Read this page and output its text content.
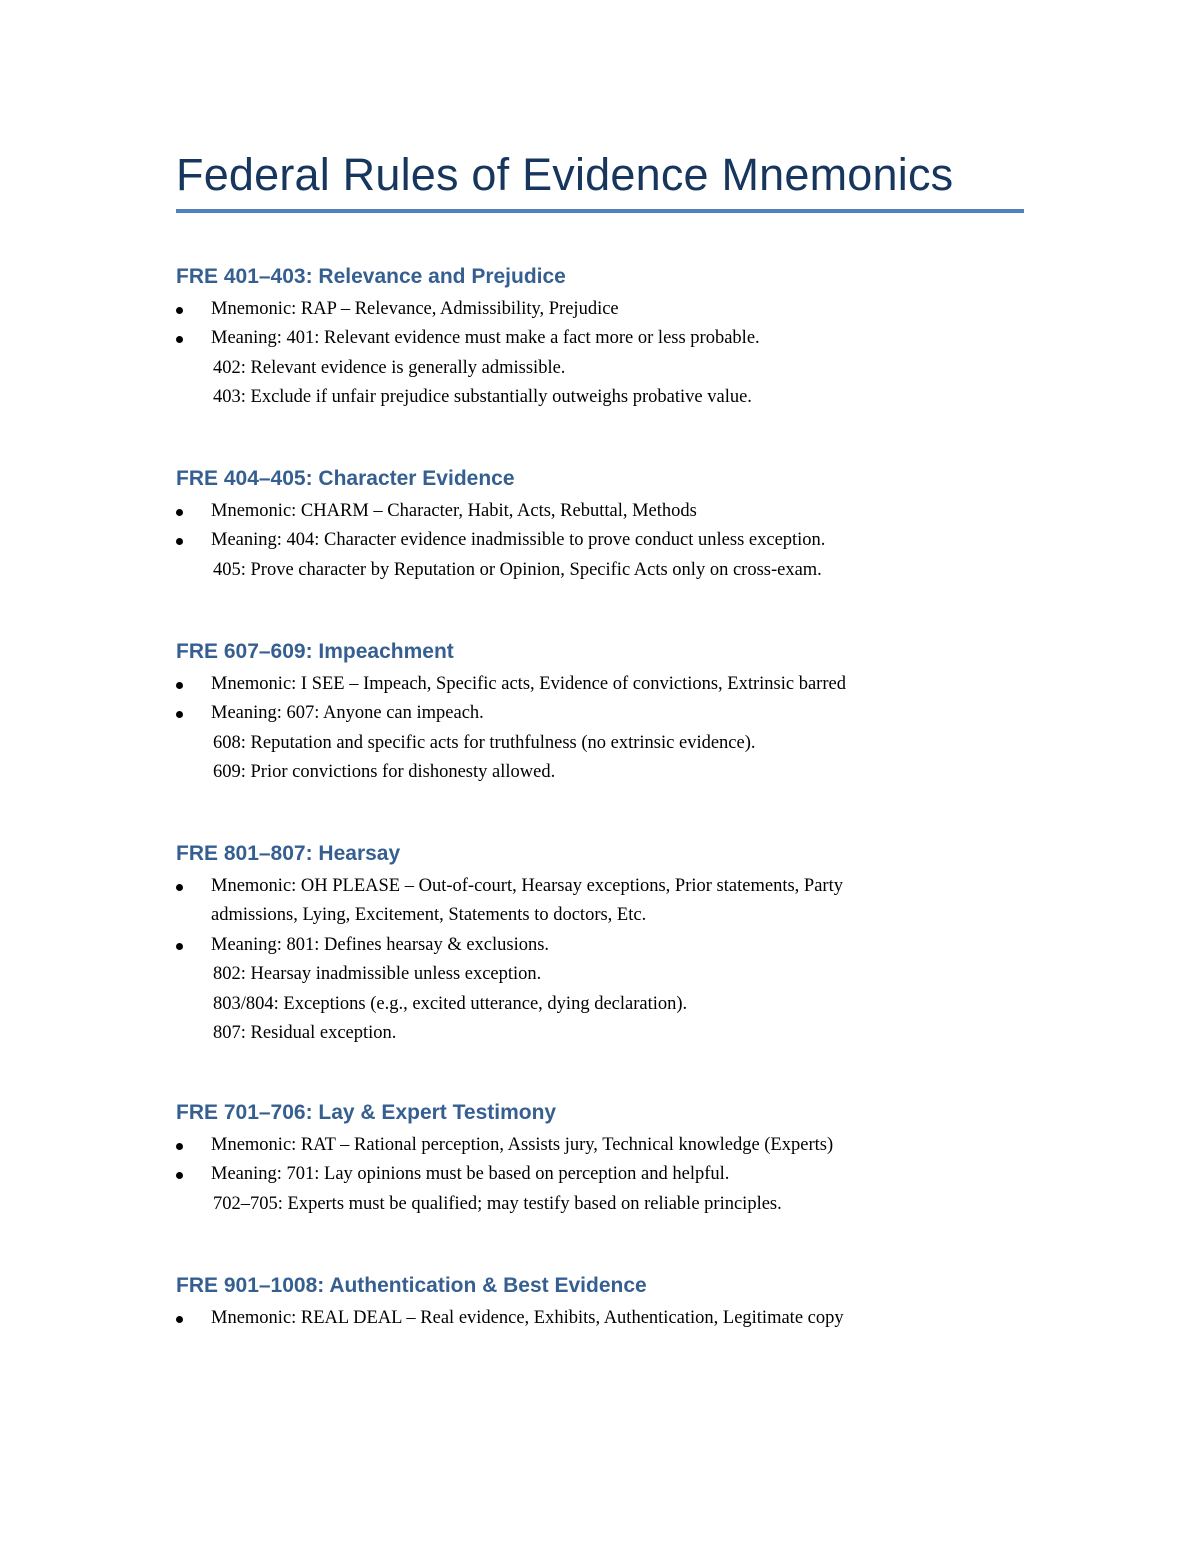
Federal Rules of Evidence Mnemonics
FRE 401–403: Relevance and Prejudice
Mnemonic: RAP – Relevance, Admissibility, Prejudice
Meaning: 401: Relevant evidence must make a fact more or less probable.
402: Relevant evidence is generally admissible.
403: Exclude if unfair prejudice substantially outweighs probative value.
FRE 404–405: Character Evidence
Mnemonic: CHARM – Character, Habit, Acts, Rebuttal, Methods
Meaning: 404: Character evidence inadmissible to prove conduct unless exception.
405: Prove character by Reputation or Opinion, Specific Acts only on cross-exam.
FRE 607–609: Impeachment
Mnemonic: I SEE – Impeach, Specific acts, Evidence of convictions, Extrinsic barred
Meaning: 607: Anyone can impeach.
608: Reputation and specific acts for truthfulness (no extrinsic evidence).
609: Prior convictions for dishonesty allowed.
FRE 801–807: Hearsay
Mnemonic: OH PLEASE – Out-of-court, Hearsay exceptions, Prior statements, Party
admissions, Lying, Excitement, Statements to doctors, Etc.
Meaning: 801: Defines hearsay & exclusions.
802: Hearsay inadmissible unless exception.
803/804: Exceptions (e.g., excited utterance, dying declaration).
807: Residual exception.
FRE 701–706: Lay & Expert Testimony
Mnemonic: RAT – Rational perception, Assists jury, Technical knowledge (Experts)
Meaning: 701: Lay opinions must be based on perception and helpful.
702–705: Experts must be qualified; may testify based on reliable principles.
FRE 901–1008: Authentication & Best Evidence
Mnemonic: REAL DEAL – Real evidence, Exhibits, Authentication, Legitimate copy
